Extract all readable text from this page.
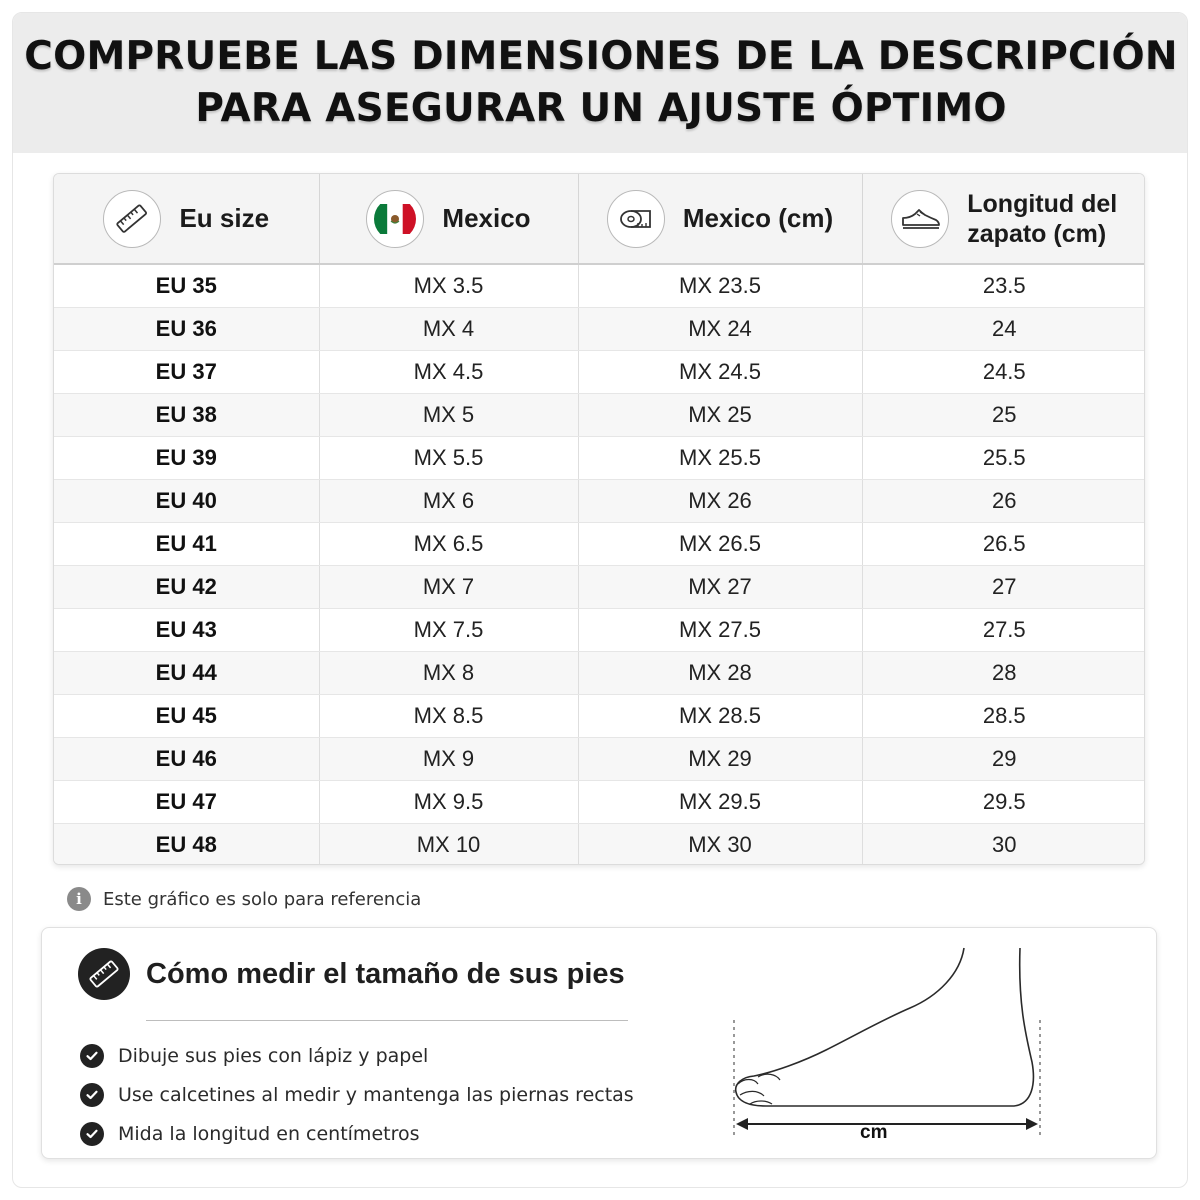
COMPRUEBE LAS DIMENSIONES DE LA DESCRIPCIÓN
PARA ASEGURAR UN AJUSTE ÓPTIMO
Eu size	Mexico	Mexico (cm)	Longitud del
zapato (cm)

EU 35	MX 3.5	MX 23.5	23.5
EU 36	MX 4	MX 24	24
EU 37	MX 4.5	MX 24.5	24.5
EU 38	MX 5	MX 25	25
EU 39	MX 5.5	MX 25.5	25.5
EU 40	MX 6	MX 26	26
EU 41	MX 6.5	MX 26.5	26.5
EU 42	MX 7	MX 27	27
EU 43	MX 7.5	MX 27.5	27.5
EU 44	MX 8	MX 28	28
EU 45	MX 8.5	MX 28.5	28.5
EU 46	MX 9	MX 29	29
EU 47	MX 9.5	MX 29.5	29.5
EU 48	MX 10	MX 30	30
i	Este gráfico es solo para referencia
Cómo medir el tamaño de sus pies
Dibuje sus pies con lápiz y papel
Use calcetines al medir y mantenga las piernas rectas
Mida la longitud en centímetros	cm
